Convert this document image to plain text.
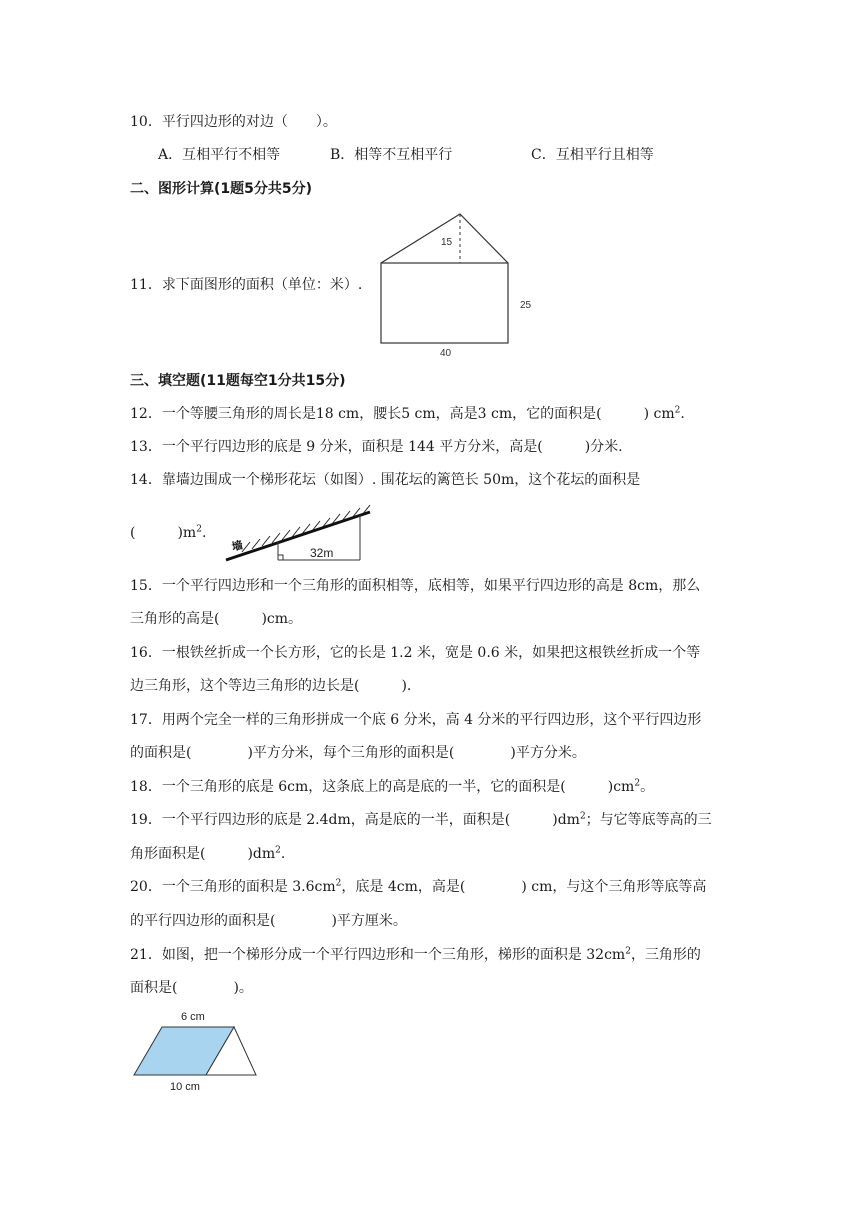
10．平行四边形的对边（　　）。
A．互相平行不相等	B．相等不互相平行	C．互相平行且相等
二、图形计算(1题5分共5分)
11．求下面图形的面积（单位：米）.
15
25
40
三、填空题(11题每空1分共15分)
12．一个等腰三角形的周长是18 cm，腰长5 cm，高是3 cm，它的面积是(　　　) $cm^2$.
13．一个平行四边形的底是 9 分米，面积是 144 平方分米，高是(　　　)分米.
14．靠墙边围成一个梯形花坛（如图）. 围花坛的篱笆长 50m，这个花坛的面积是
(　　　)$m^2$.
墙	32m
15．一个平行四边形和一个三角形的面积相等，底相等，如果平行四边形的高是 8cm，那么
三角形的高是(　　　)cm。
16．一根铁丝折成一个长方形，它的长是 1.2 米，宽是 0.6 米，如果把这根铁丝折成一个等
边三角形，这个等边三角形的边长是(　　　).
17．用两个完全一样的三角形拼成一个底 6 分米，高 4 分米的平行四边形，这个平行四边形
的面积是(　　　　)平方分米，每个三角形的面积是(　　　　)平方分米。
18．一个三角形的底是 6cm，这条底上的高是底的一半，它的面积是(　　　)$cm^2$。
19．一个平行四边形的底是 2.4dm，高是底的一半，面积是(　　　)$dm^2$；与它等底等高的三
角形面积是(　　　)$dm^2$.
20．一个三角形的面积是 $3.6cm^2$，底是 4cm，高是(　　　　) cm，与这个三角形等底等高
的平行四边形的面积是(　　　　)平方厘米。
21．如图，把一个梯形分成一个平行四边形和一个三角形，梯形的面积是 $32cm^2$，三角形的
面积是(　　　　)。
6 cm
10 cm
